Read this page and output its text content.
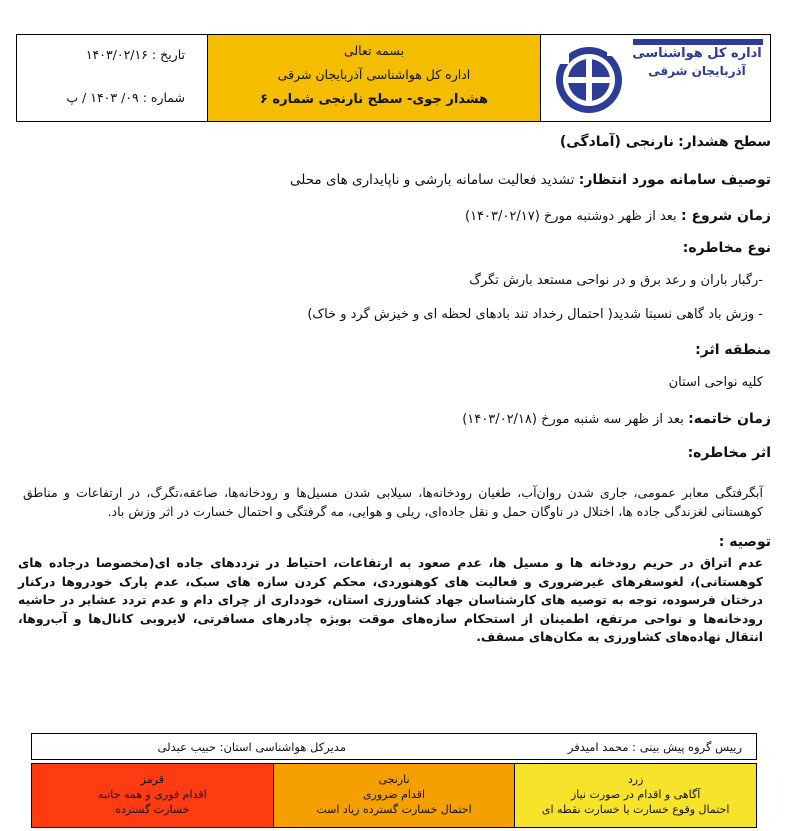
اداره کل هواشناسی
آذربایجان شرقی
بسمه تعالی
اداره کل هواشناسی آذربایجان شرقی
هشدار جوی- سطح نارنجی شماره ۶
تاریخ : ۱۴۰۳/۰۲/۱۶
شماره : ۰۹/ ۱۴۰۳ / پ
سطح هشدار: نارنجی (آمادگی)
توصیف سامانه مورد انتظار: تشدید فعالیت سامانه بارشی و ناپایداری های محلی
زمان شروع : بعد از ظهر دوشنبه مورخ (۱۴۰۳/۰۲/۱۷)
نوع مخاطره:
-رگبار باران و رعد برق و در نواحی مستعد بارش تگرگ
- وزش باد گاهی نسبتا شدید( احتمال رخداد تند بادهای لحظه ای و خیزش گرد و خاک)
منطقه اثر:
کلیه نواحی استان
زمان خاتمه: بعد از ظهر سه شنبه مورخ (۱۴۰۳/۰۲/۱۸)
اثر مخاطره:
آبگرفتگی معابر عمومی، جاری شدن روان‌آب، طغیان رودخانه‌ها، سیلابی شدن مسیل‌ها و رودخانه‌ها، صاعقه،تگرگ، در ارتفاعات و مناطق کوهستانی لغزندگی جاده ها، اختلال در ناوگان حمل و نقل جاده‌ای، ریلی و هوایی، مه گرفتگی و احتمال خسارت در اثر وزش باد.
توصیه :
عدم اتراق در حریم رودخانه ها و مسیل ها، عدم صعود به ارتفاعات، احتیاط در ترددهای جاده ای(مخصوصا درجاده های کوهستانی)، لغوسفرهای غیرضروری و فعالیت های کوهنوردی، محکم کردن سازه های سبک، عدم پارک خودروها درکنار درختان فرسوده، توجه به توصیه های کارشناسان جهاد کشاورزی استان، خودداری از چرای دام و عدم تردد عشایر در حاشیه رودخانه‌ها و نواحی مرتفع، اطمینان از استحکام سازه‌های موقت بویژه چادرهای مسافرتی، لایروبی کانال‌ها و آب‌روها، انتقال نهاده‌های کشاورزی به مکان‌های مسقف.
رییس گروه پیش بینی : محمد امیدفر
مدیرکل هواشناسی استان: حبیب عبدلی
زرد
آگاهی و اقدام در صورت نیاز
احتمال وقوع خسارت یا خسارت نقطه ای
نارنجی
اقدام ضروری
احتمال خسارت گسترده زیاد است
قرمز
اقدام فوری و همه جانبه
خسارت گسترده
